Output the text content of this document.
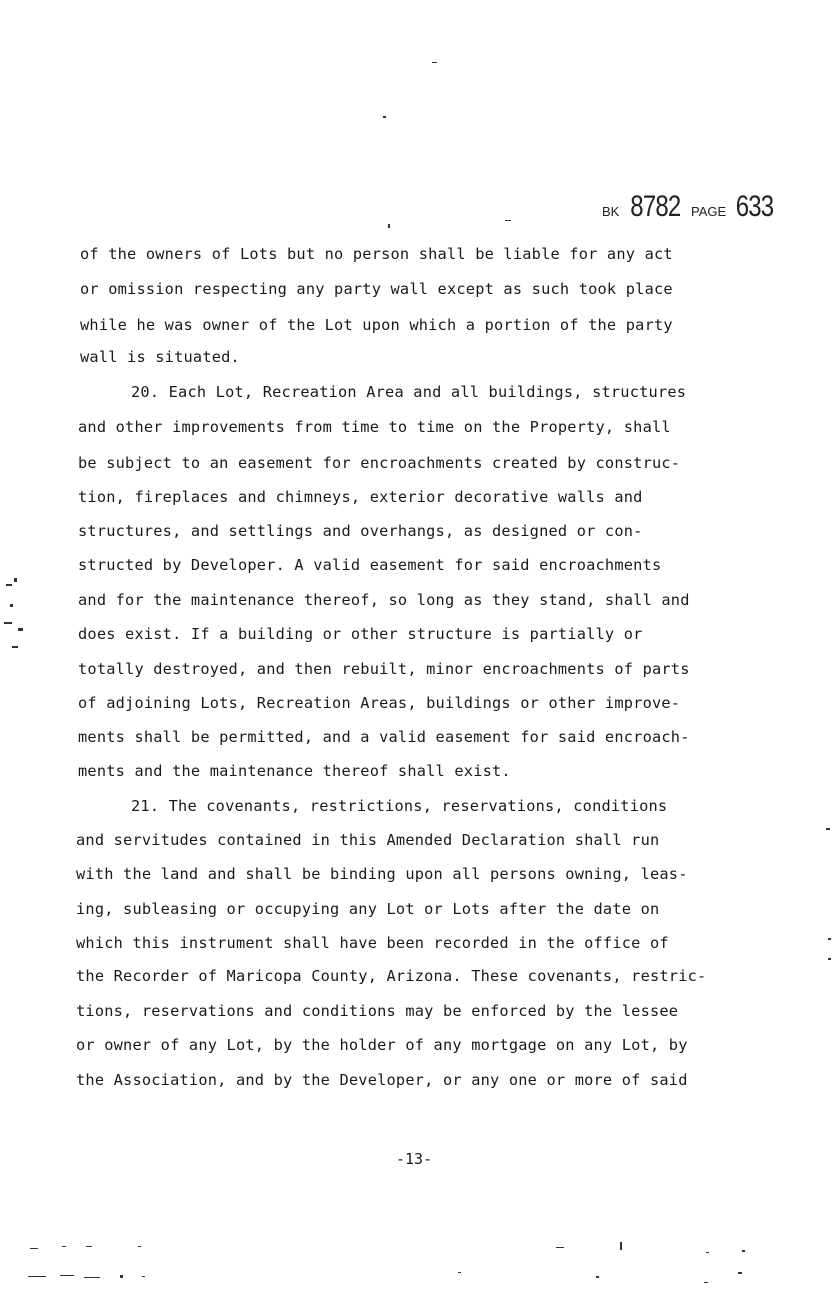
BK 8782 PAGE 633
of the owners of Lots but no person shall be liable for any act
or omission respecting any party wall except as such took place
while he was owner of the Lot upon which a portion of the party
wall is situated.
20. Each Lot, Recreation Area and all buildings, structures
and other improvements from time to time on the Property, shall
be subject to an easement for encroachments created by construc-
tion, fireplaces and chimneys, exterior decorative walls and
structures, and settlings and overhangs, as designed or con-
structed by Developer. A valid easement for said encroachments
and for the maintenance thereof, so long as they stand, shall and
does exist. If a building or other structure is partially or
totally destroyed, and then rebuilt, minor encroachments of parts
of adjoining Lots, Recreation Areas, buildings or other improve-
ments shall be permitted, and a valid easement for said encroach-
ments and the maintenance thereof shall exist.
21. The covenants, restrictions, reservations, conditions
and servitudes contained in this Amended Declaration shall run
with the land and shall be binding upon all persons owning, leas-
ing, subleasing or occupying any Lot or Lots after the date on
which this instrument shall have been recorded in the office of
the Recorder of Maricopa County, Arizona. These covenants, restric-
tions, reservations and conditions may be enforced by the lessee
or owner of any Lot, by the holder of any mortgage on any Lot, by
the Association, and by the Developer, or any one or more of said
-13-
